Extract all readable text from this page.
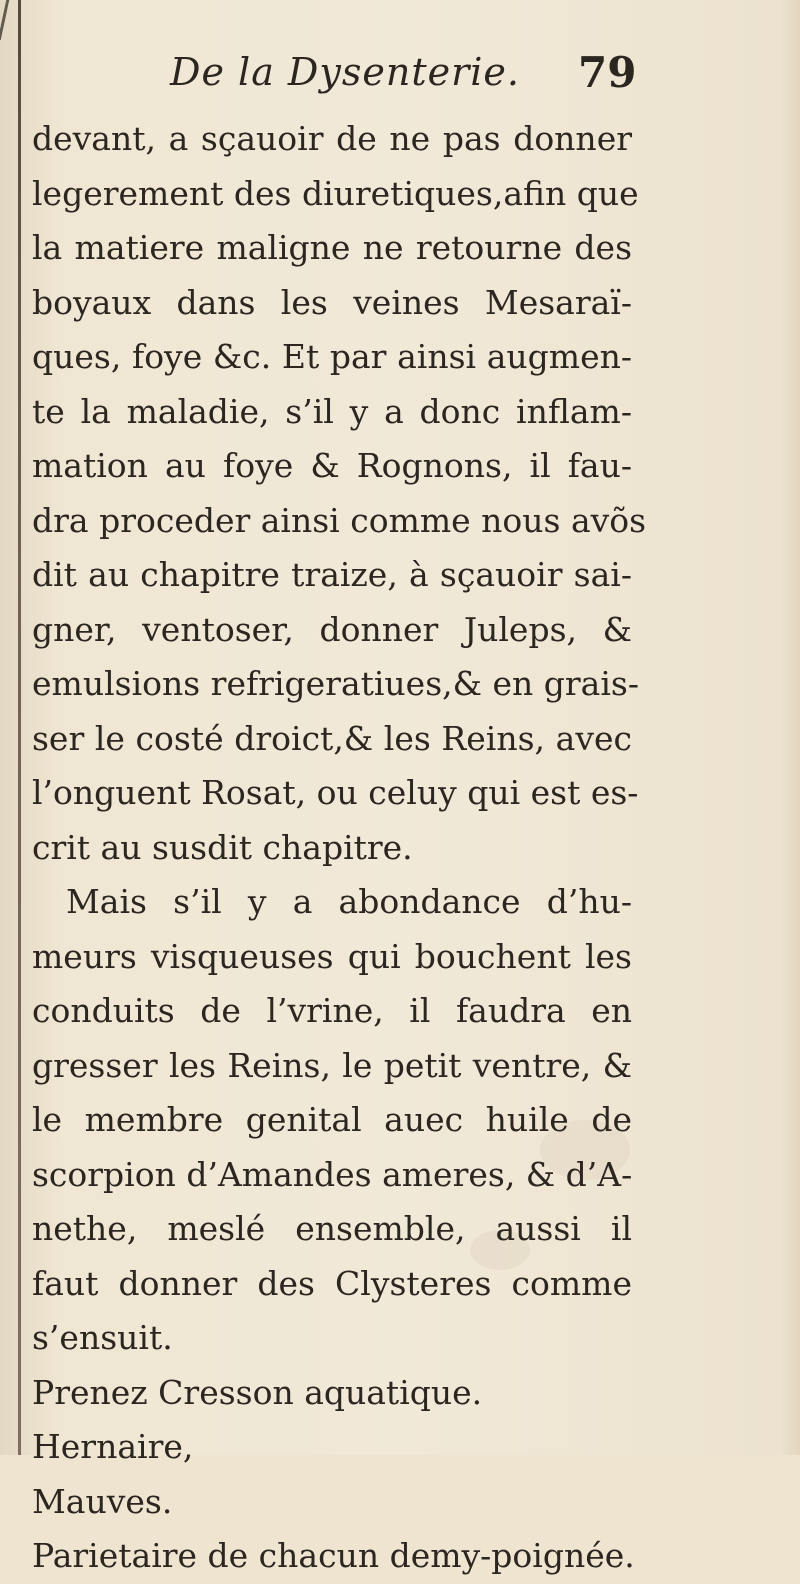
De la Dysenterie. 79
devant, a sçauoir de ne pas donner
legerement des diuretiques,afin que
la matiere maligne ne retourne des
boyaux dans les veines Mesaraï-
ques, foye &c. Et par ainsi augmen-
te la maladie, s’il y a donc inflam-
mation au foye & Rognons, il fau-
dra proceder ainsi comme nous avõs
dit au chapitre traize, à sçauoir sai-
gner, ventoser, donner Juleps, &
emulsions refrigeratiues,& en grais-
ser le costé droict,& les Reins, avec
l’onguent Rosat, ou celuy qui est es-
crit au susdit chapitre.
Mais s’il y a abondance d’hu-
meurs visqueuses qui bouchent les
conduits de l’vrine, il faudra en
gresser les Reins, le petit ventre, &
le membre genital auec huile de
scorpion d’Amandes ameres, & d’A-
nethe, meslé ensemble, aussi il
faut donner des Clysteres comme
s’ensuit.
Prenez Cresson aquatique.
Hernaire,
Mauves.
Parietaire de chacun demy-poignée.
